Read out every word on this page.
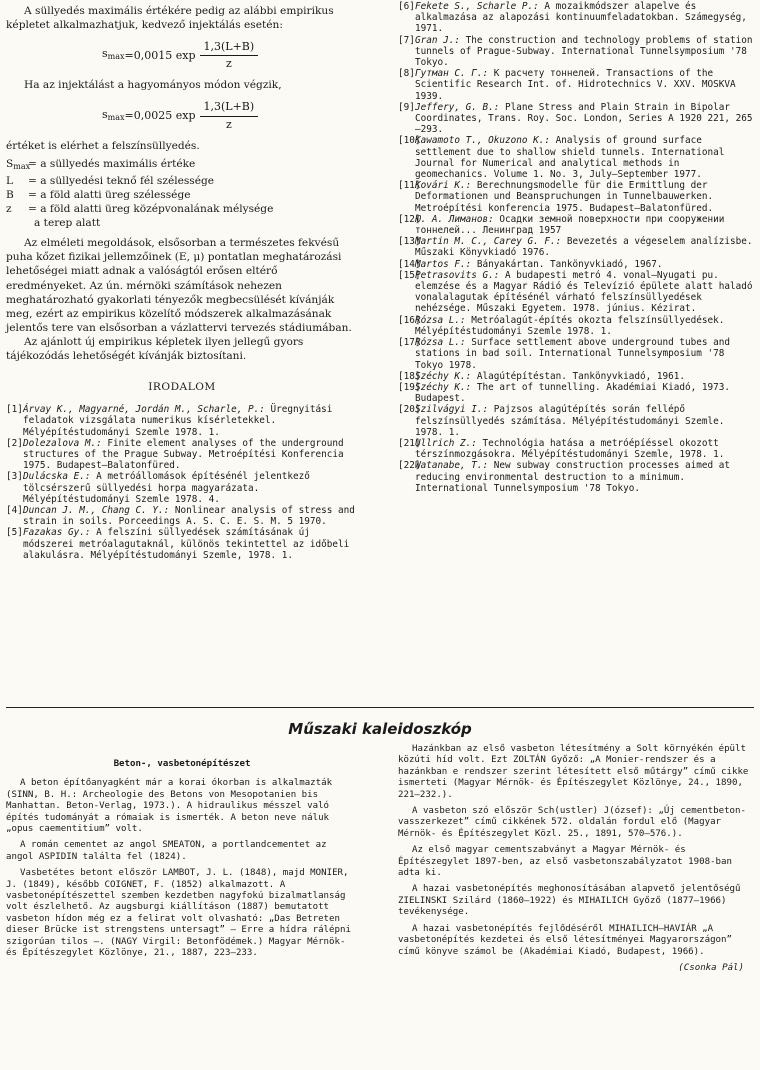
A süllyedés maximális értékére pedig az alábbi empirikus képletet alkalmazhatjuk, kedvező injektálás esetén:

$s_{max} =0,0015$ $\exp \frac{1,3(L+B)}{z}$

Ha az injektálást a hagyományos módon végzik,

$s_{max} =0,0025$ $\exp \frac{1,3(L+B)}{z}$

értéket is elérhet a felszínsüllyedés.

$S_{max}$
= a süllyedés maximális értéke
L	= a süllyedési teknő fél szélessége
B	= a föld alatti üreg szélessége
z	= a föld alatti üreg középvonalának mélysége
a terep alatt

Az elméleti megoldások, elsősorban a természetes fekvésű puha kőzet fizikai jellemzőinek (E, μ) pontatlan meghatározási lehetőségei miatt adnak a valóságtól erősen eltérő eredményeket. Az ún. mérnöki számítások nehezen meghatározható gyakorlati tényezők megbecsülését kívánják meg, ezért az empirikus közelítő módszerek alkalmazásának jelentős tere van elsősorban a vázlattervi tervezés stádiumában.

Az ajánlott új empirikus képletek ilyen jellegű gyors tájékozódás lehetőségét kívánják biztosítani.

IRODALOM
[1] Árvay K., Magyarné, Jordán M., Scharle, P.: Üregnyitási feladatok vizsgálata numerikus kísérletekkel. Mélyépítéstudományi Szemle 1978. 1.
[2] Dolezalova M.: Finite element analyses of the underground structures of the Prague Subway. Metroépítési Konferencia 1975. Budapest—Balatonfüred.
[3] Dulácska E.: A metróállomások építésénél jelentkező tölcsérszerű süllyedési horpa magyarázata. Mélyépítéstudományi Szemle 1978. 4.
[4] Duncan J. M., Chang C. Y.: Nonlinear analysis of stress and strain in soils. Porceedings A. S. C. E. S. M. 5 1970.
[5] Fazakas Gy.: A felszíni süllyedések számításának új módszerei metróalagutaknál, különös tekintettel az időbeli alakulásra. Mélyépítéstudományi Szemle, 1978. 1.
[6] Fekete S., Scharle P.: A mozaikmódszer alapelve és alkalmazása az alapozási kontinuumfeladatokban. Számegység, 1971.
[7] Gran J.: The construction and technology problems of station tunnels of Prague-Subway. International Tunnelsymposium '78 Tokyo.
[8] Гутман С. Г.: К расчету тоннелей. Transactions of the Scientific Research Int. of. Hidrotechnics V. XXV. MOSKVA 1939.
[9] Jeffery, G. B.: Plane Stress and Plain Strain in Bipolar Coordinates, Trans. Roy. Soc. London, Series A 1920 221, 265—293.
[10]
Kawamoto T., Okuzono K.: Analysis of ground surface settlement due to shallow shield tunnels. International Journal for Numerical and analytical methods in geomechanics. Volume 1. No. 3, July—September 1977.
[11]
Kovári K.: Berechnungsmodelle für die Ermittlung der Deformationen und Beanspruchungen in Tunnelbauwerken. Metroépítési konferencia 1975. Budapest—Balatonfüred.
[12]
Ю. А. Лиманов: Осадки земной поверхности при сооружении тоннелей... Ленинград 1957
[13]
Martin M. C., Carey G. F.: Bevezetés a végeselem analízisbe. Műszaki Könyvkiadó 1976.
[14]
Martos F.: Bányakártan. Tankönyvkiadó, 1967.
[15]
Petrasovits G.: A budapesti metró 4. vonal—Nyugati pu. elemzése és a Magyar Rádió és Televízió épülete alatt haladó vonalalagutak építésénél várható felszínsüllyedések nehézsége. Műszaki Egyetem. 1978. június. Kézirat.
[16]
Rózsa L.: Metróalagút-építés okozta felszínsüllyedések. Mélyépítéstudományi Szemle 1978. 1.
[17]
Rózsa L.: Surface settlement above underground tubes and stations in bad soil. International Tunnelsymposium '78 Tokyo 1978.
[18]
Széchy K.: Alagútépítéstan. Tankönyvkiadó, 1961.
[19]
Széchy K.: The art of tunnelling. Akadémiai Kiadó, 1973. Budapest.
[20]
Szilvágyi I.: Pajzsos alagútépítés során fellépő felszínsüllyedés számítása. Mélyépítéstudományi Szemle. 1978. 1.
[21]
Ullrich Z.: Technológia hatása a metróépíéssel okozott térszínmozgásokra. Mélyépítéstudományi Szemle, 1978. 1.
[22]
Watanabe, T.: New subway construction processes aimed at reducing environmental destruction to a minimum. International Tunnelsymposium '78 Tokyo.
Műszaki kaleidoszkóp
Beton-, vasbetonépítészet

A beton építőanyagként már a korai ókorban is alkalmazták (SINN, B. H.: Archeologie des Betons von Mesopotanien bis Manhattan. Beton-Verlag, 1973.). A hidraulikus mésszel való építés tudományát a rómaiak is ismerték. A beton neve náluk „opus caementitium” volt.

A román cementet az angol SMEATON, a portlandcementet az angol ASPIDIN találta fel (1824).

Vasbetétes betont először LAMBOT, J. L. (1848), majd MONIER, J. (1849), később COIGNET, F. (1852) alkalmazott. A vasbetonépítészettel szemben kezdetben nagyfokú bizalmatlanság volt észlelhető. Az augsburgi kiállításon (1887) bemutatott vasbeton hídon még ez a felirat volt olvasható: „Das Betreten dieser Brücke ist strengstens untersagt” — Erre a hídra rálépni szigorúan tilos —. (NAGY Virgil: Betonfödémek.) Magyar Mérnök- és Építészegylet Közlönye, 21., 1887, 223—233.

Hazánkban az első vasbeton létesítmény a Solt környékén épült közúti híd volt. Ezt ZOLTÁN Győző: „A Monier-rendszer és a hazánkban e rendszer szerint létesített első műtárgy” című cikke ismerteti (Magyar Mérnök- és Építészegylet Közlönye, 24., 1890, 221—232.).

A vasbeton szó először Sch(ustler) J(ózsef): „Új cementbeton-vasszerkezet” című cikkének 572. oldalán fordul elő (Magyar Mérnök- és Építészegylet Közl. 25., 1891, 570—576.).

Az első magyar cementszabványt a Magyar Mérnök- és Építészegylet 1897-ben, az első vasbetonszabályzatot 1908-ban adta ki.

A hazai vasbetonépítés meghonosításában alapvető jelentőségű ZIELINSKI Szilárd (1860—1922) és MIHAILICH Győző (1877—1966) tevékenysége.

A hazai vasbetonépítés fejlődéséről MIHAILICH—HAVIÁR „A vasbetonépítés kezdetei és első létesítményei Magyarországon” című könyve számol be (Akadémiai Kiadó, Budapest, 1966).

(Csonka Pál)
